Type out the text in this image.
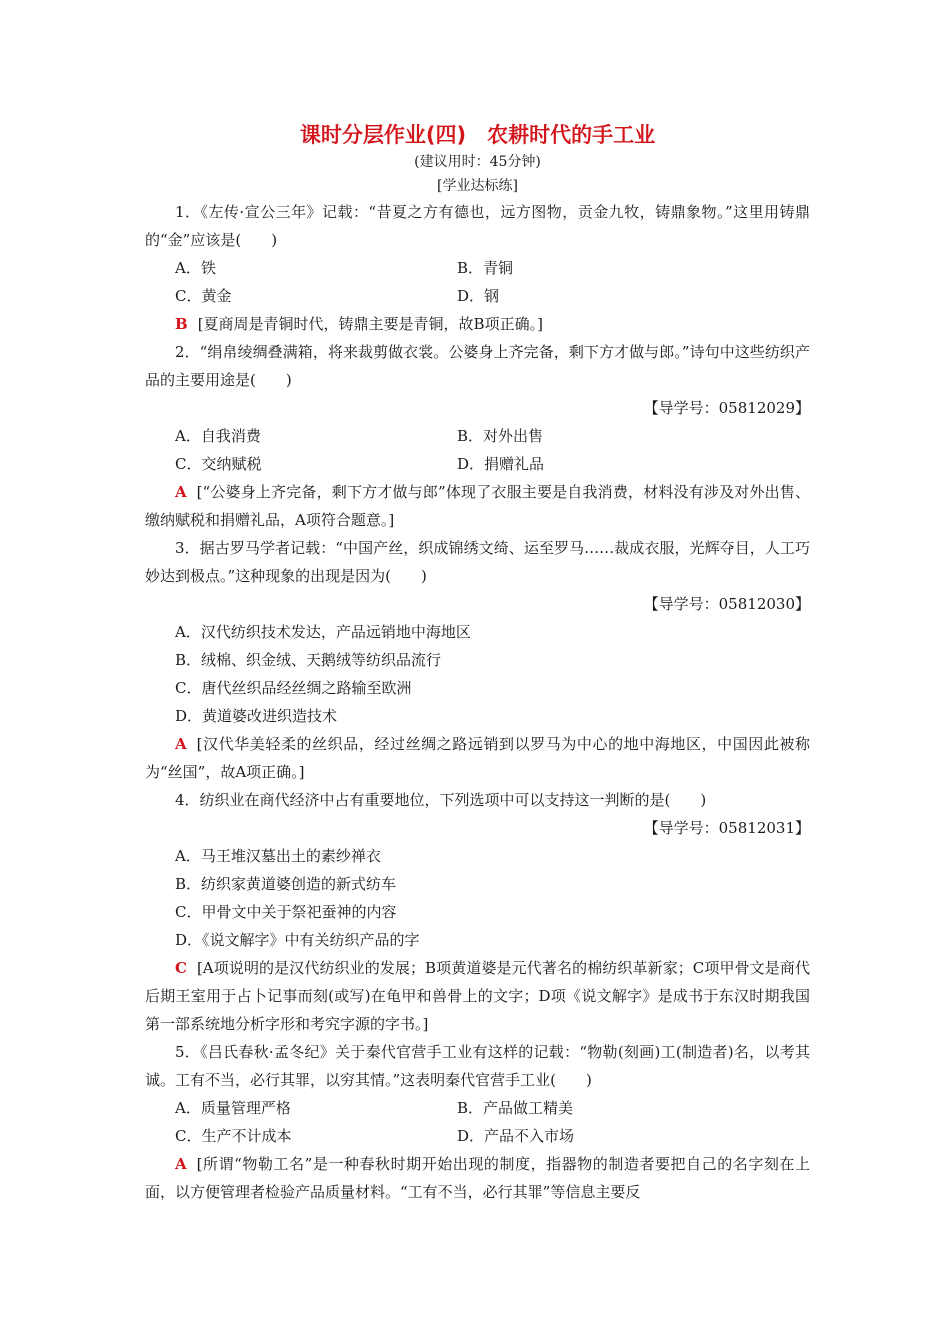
课时分层作业(四)　农耕时代的手工业

(建议用时：45分钟)

[学业达标练]

1．《左传·宣公三年》记载：“昔夏之方有德也，远方图物，贡金九牧，铸鼎象物。”这里用铸鼎的“金”应该是(　　)

A．铁	B．青铜
C．黄金	D．钢

B [夏商周是青铜时代，铸鼎主要是青铜，故B项正确。]

2．“绢帛绫绸叠满箱，将来裁剪做衣裳。公婆身上齐完备，剩下方才做与郎。”诗句中这些纺织产品的主要用途是(　　)

【导学号：05812029】

A．自我消费	B．对外出售
C．交纳赋税	D．捐赠礼品

A [“公婆身上齐完备，剩下方才做与郎”体现了衣服主要是自我消费，材料没有涉及对外出售、缴纳赋税和捐赠礼品，A项符合题意。]

3．据古罗马学者记载：“中国产丝，织成锦绣文绮、运至罗马……裁成衣服，光辉夺目，人工巧妙达到极点。”这种现象的出现是因为(　　)

【导学号：05812030】

A．汉代纺织技术发达，产品远销地中海地区

B．绒棉、织金绒、天鹅绒等纺织品流行

C．唐代丝织品经丝绸之路输至欧洲

D．黄道婆改进织造技术

A [汉代华美轻柔的丝织品，经过丝绸之路远销到以罗马为中心的地中海地区，中国因此被称为“丝国”，故A项正确。]

4．纺织业在商代经济中占有重要地位，下列选项中可以支持这一判断的是(　　)

【导学号：05812031】

A．马王堆汉墓出土的素纱禅衣

B．纺织家黄道婆创造的新式纺车

C．甲骨文中关于祭祀蚕神的内容

D．《说文解字》中有关纺织产品的字

C [A项说明的是汉代纺织业的发展；B项黄道婆是元代著名的棉纺织革新家；C项甲骨文是商代后期王室用于占卜记事而刻(或写)在龟甲和兽骨上的文字；D项《说文解字》是成书于东汉时期我国第一部系统地分析字形和考究字源的字书。]

5．《吕氏春秋·孟冬纪》关于秦代官营手工业有这样的记载：“物勒(刻画)工(制造者)名，以考其诚。工有不当，必行其罪，以穷其情。”这表明秦代官营手工业(　　)

A．质量管理严格	B．产品做工精美
C．生产不计成本	D．产品不入市场

A [所谓“物勒工名”是一种春秋时期开始出现的制度，指器物的制造者要把自己的名字刻在上面，以方便管理者检验产品质量材料。“工有不当，必行其罪”等信息主要反
